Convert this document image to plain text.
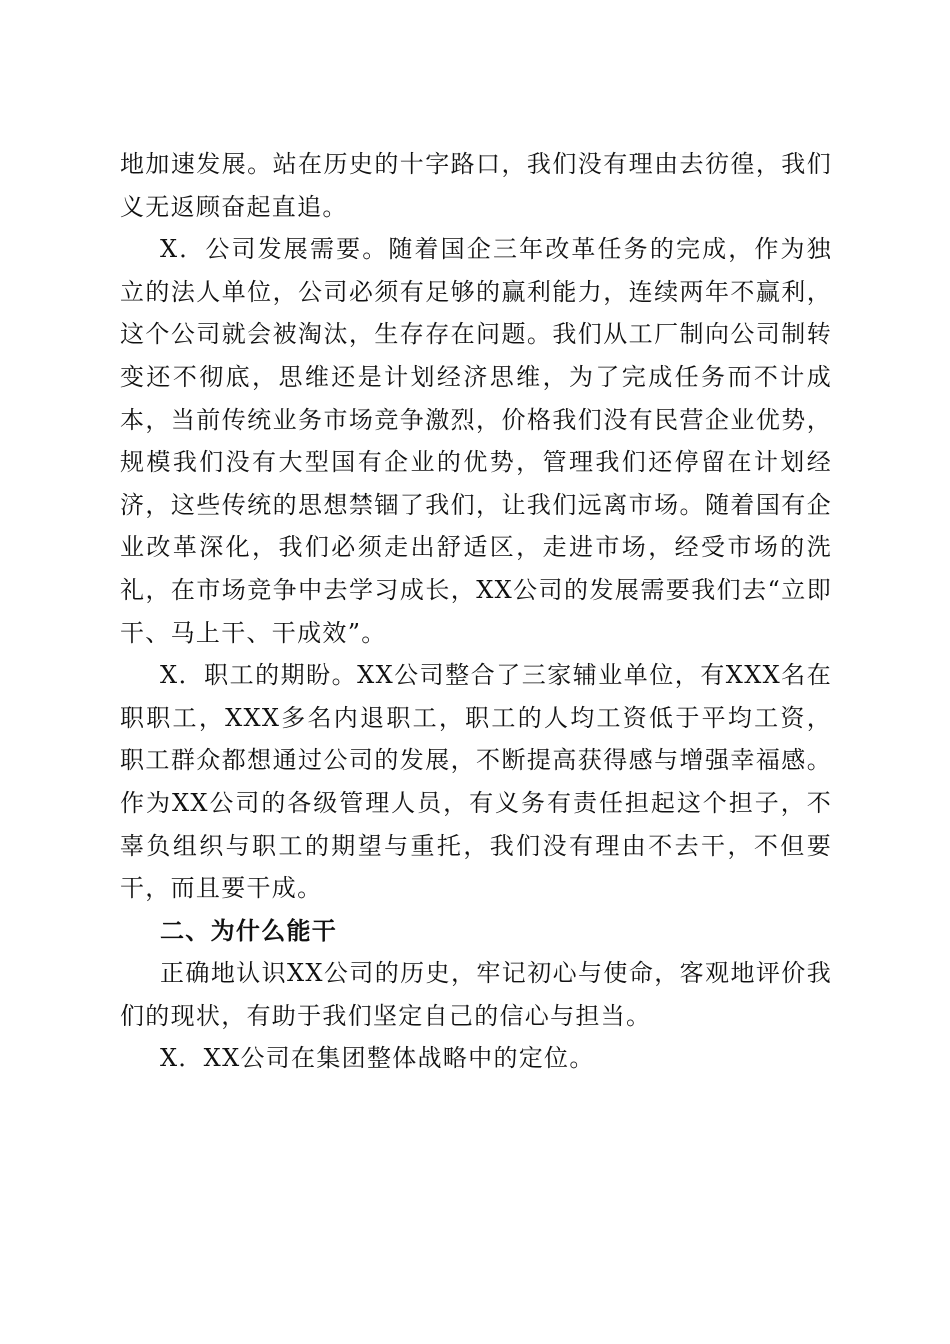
地加速发展。站在历史的十字路口，我们没有理由去彷徨，我们义无返顾奋起直追。

X．公司发展需要。随着国企三年改革任务的完成，作为独立的法人单位，公司必须有足够的赢利能力，连续两年不赢利，这个公司就会被淘汰，生存存在问题。我们从工厂制向公司制转变还不彻底，思维还是计划经济思维，为了完成任务而不计成本，当前传统业务市场竞争激烈，价格我们没有民营企业优势，规模我们没有大型国有企业的优势，管理我们还停留在计划经济，这些传统的思想禁锢了我们，让我们远离市场。随着国有企业改革深化，我们必须走出舒适区，走进市场，经受市场的洗礼，在市场竞争中去学习成长，XX公司的发展需要我们去“立即干、马上干、干成效”。

X．职工的期盼。XX公司整合了三家辅业单位，有XXX名在职职工，XXX多名内退职工，职工的人均工资低于平均工资，职工群众都想通过公司的发展，不断提高获得感与增强幸福感。作为XX公司的各级管理人员，有义务有责任担起这个担子，不辜负组织与职工的期望与重托，我们没有理由不去干，不但要干，而且要干成。

二、为什么能干

正确地认识XX公司的历史，牢记初心与使命，客观地评价我们的现状，有助于我们坚定自己的信心与担当。

X．XX公司在集团整体战略中的定位。
